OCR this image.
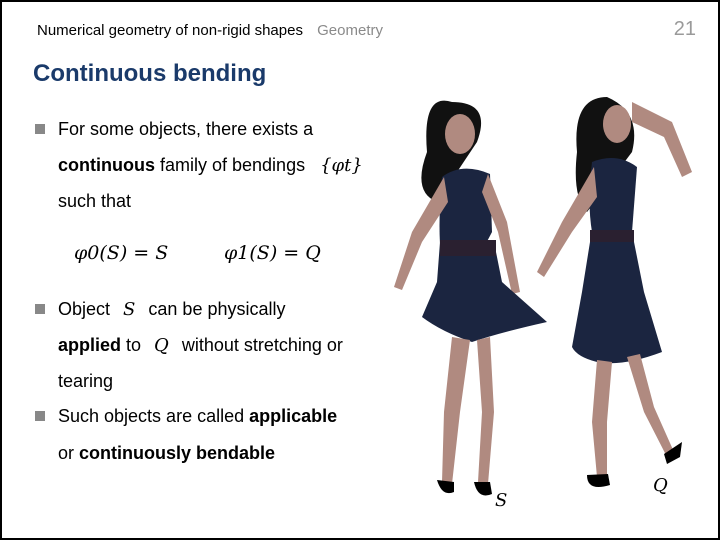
Numerical geometry of non-rigid shapes Geometry	21
Continuous bending
For some objects, there exists a
continuous family of bendings {φt}
such that
φ0(S) = S	φ1(S) = Q
Object S can be physically
applied to Q without stretching or
tearing
Such objects are called applicable
or continuously bendable
S
Q
